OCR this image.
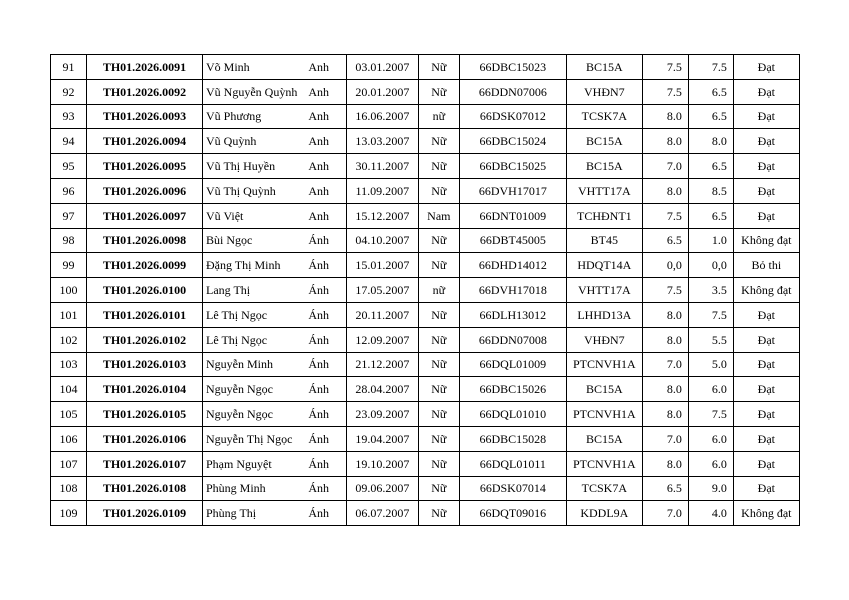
91	TH01.2026.0091	Võ Minh	Anh	03.01.2007	Nữ	66DBC15023	BC15A	7.5	7.5	Đạt
92	TH01.2026.0092	Vũ Nguyễn Quỳnh	Anh	20.01.2007	Nữ	66DDN07006	VHĐN7	7.5	6.5	Đạt
93	TH01.2026.0093	Vũ Phương	Anh	16.06.2007	nữ	66DSK07012	TCSK7A	8.0	6.5	Đạt
94	TH01.2026.0094	Vũ Quỳnh	Anh	13.03.2007	Nữ	66DBC15024	BC15A	8.0	8.0	Đạt
95	TH01.2026.0095	Vũ Thị Huyền	Anh	30.11.2007	Nữ	66DBC15025	BC15A	7.0	6.5	Đạt
96	TH01.2026.0096	Vũ Thị Quỳnh	Anh	11.09.2007	Nữ	66DVH17017	VHTT17A	8.0	8.5	Đạt
97	TH01.2026.0097	Vũ Việt	Anh	15.12.2007	Nam	66DNT01009	TCHĐNT1	7.5	6.5	Đạt
98	TH01.2026.0098	Bùi Ngọc	Ánh	04.10.2007	Nữ	66DBT45005	BT45	6.5	1.0	Không đạt
99	TH01.2026.0099	Đặng Thị Minh	Ánh	15.01.2007	Nữ	66DHD14012	HDQT14A	0,0	0,0	Bỏ thi
100	TH01.2026.0100	Lang Thị	Ánh	17.05.2007	nữ	66DVH17018	VHTT17A	7.5	3.5	Không đạt
101	TH01.2026.0101	Lê Thị Ngọc	Ánh	20.11.2007	Nữ	66DLH13012	LHHD13A	8.0	7.5	Đạt
102	TH01.2026.0102	Lê Thị Ngọc	Ánh	12.09.2007	Nữ	66DDN07008	VHĐN7	8.0	5.5	Đạt
103	TH01.2026.0103	Nguyễn Minh	Ánh	21.12.2007	Nữ	66DQL01009	PTCNVH1A	7.0	5.0	Đạt
104	TH01.2026.0104	Nguyễn Ngọc	Ánh	28.04.2007	Nữ	66DBC15026	BC15A	8.0	6.0	Đạt
105	TH01.2026.0105	Nguyễn Ngọc	Ánh	23.09.2007	Nữ	66DQL01010	PTCNVH1A	8.0	7.5	Đạt
106	TH01.2026.0106	Nguyễn Thị Ngọc	Ánh	19.04.2007	Nữ	66DBC15028	BC15A	7.0	6.0	Đạt
107	TH01.2026.0107	Phạm Nguyệt	Ánh	19.10.2007	Nữ	66DQL01011	PTCNVH1A	8.0	6.0	Đạt
108	TH01.2026.0108	Phùng Minh	Ánh	09.06.2007	Nữ	66DSK07014	TCSK7A	6.5	9.0	Đạt
109	TH01.2026.0109	Phùng Thị	Ánh	06.07.2007	Nữ	66DQT09016	KDDL9A	7.0	4.0	Không đạt
